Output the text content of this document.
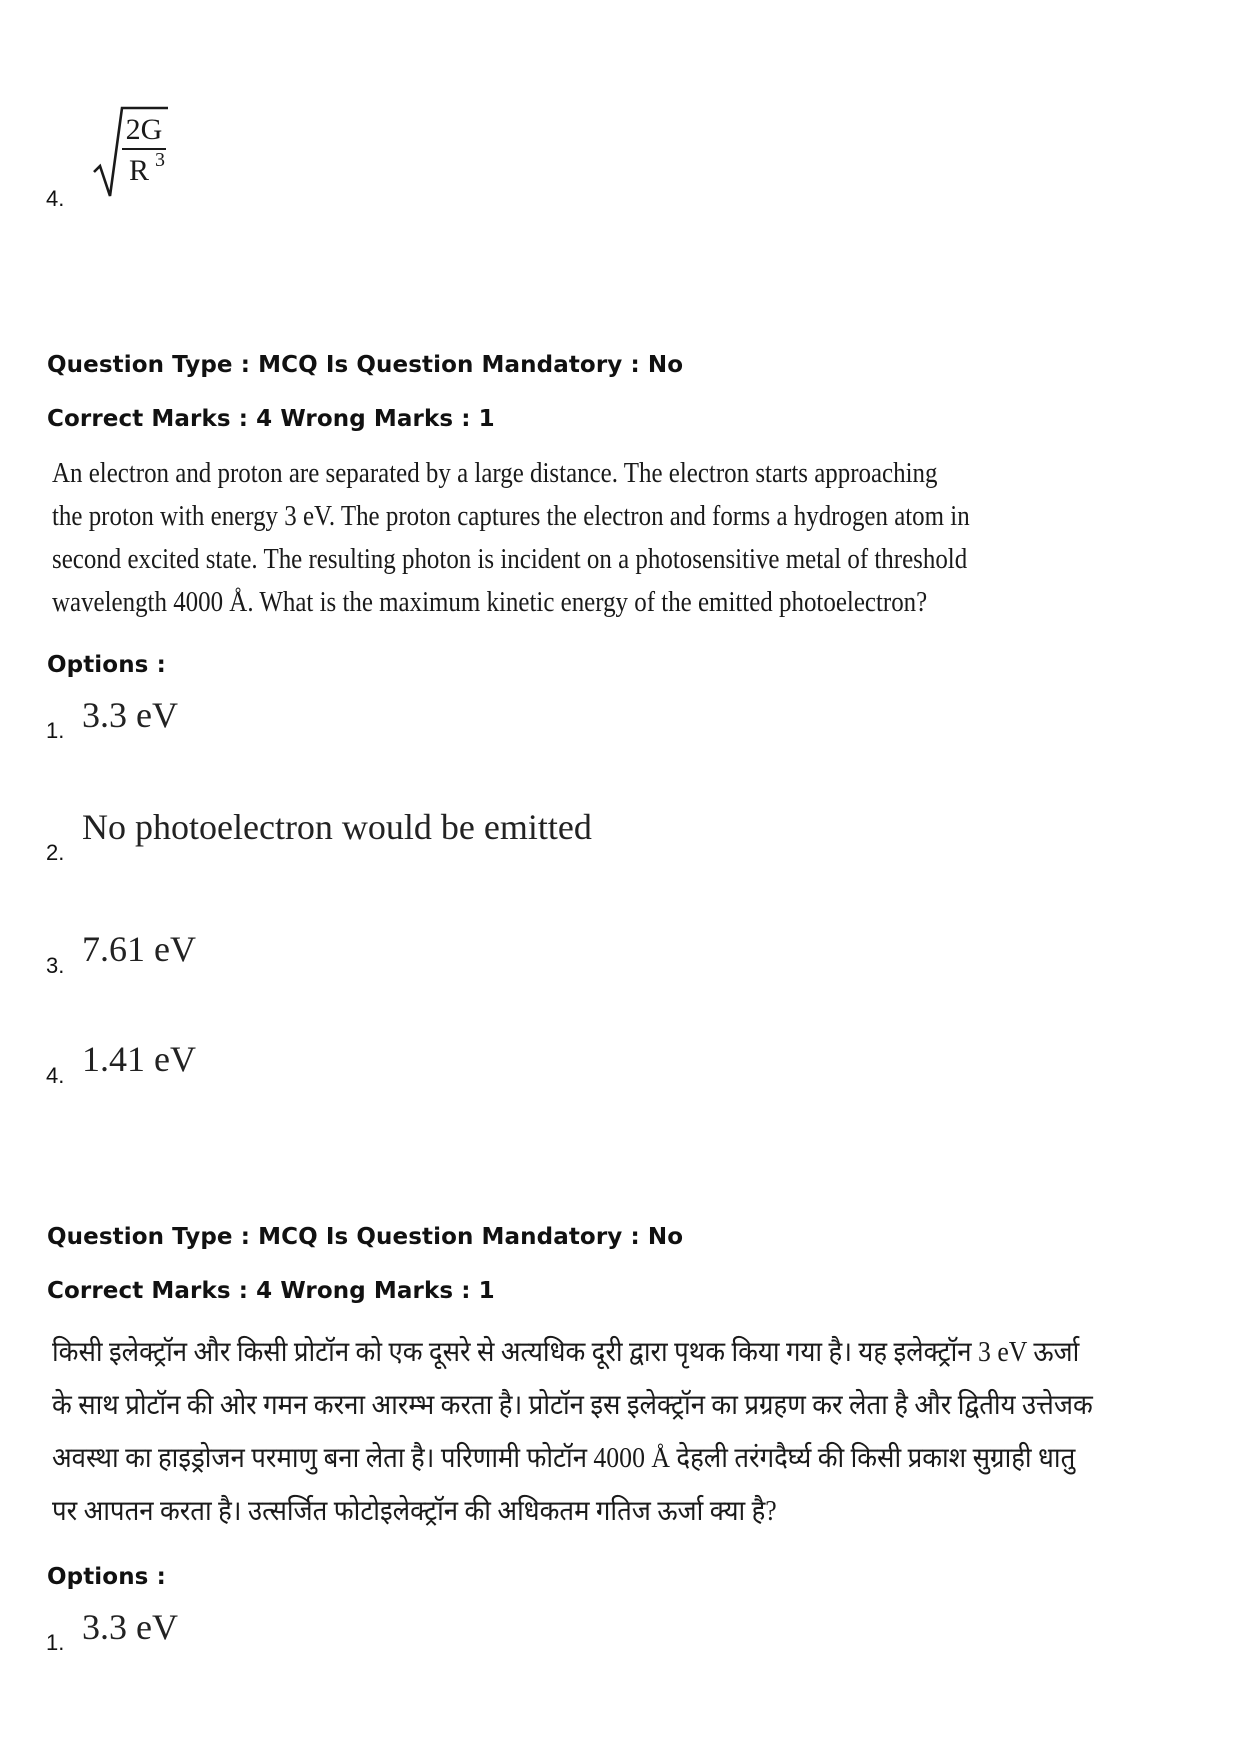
4.
2G
R 3
Question Type : MCQ Is Question Mandatory : No
Correct Marks : 4 Wrong Marks : 1
An electron and proton are separated by a large distance. The electron starts approaching
the proton with energy 3 eV. The proton captures the electron and forms a hydrogen atom in
second excited state. The resulting photon is incident on a photosensitive metal of threshold
wavelength 4000 Å. What is the maximum kinetic energy of the emitted photoelectron?
Options :
1. 3.3 eV
2.
No photoelectron would be emitted
3. 7.61 eV
4. 1.41 eV
Question Type : MCQ Is Question Mandatory : No
Correct Marks : 4 Wrong Marks : 1
किसी इलेक्ट्रॉन और किसी प्रोटॉन को एक दूसरे से अत्यधिक दूरी द्वारा पृथक किया गया है। यह इलेक्ट्रॉन 3 eV ऊर्जा
के साथ प्रोटॉन की ओर गमन करना आरम्भ करता है। प्रोटॉन इस इलेक्ट्रॉन का प्रग्रहण कर लेता है और द्वितीय उत्तेजक
अवस्था का हाइड्रोजन परमाणु बना लेता है। परिणामी फोटॉन 4000 Å देहली तरंगदैर्घ्य की किसी प्रकाश सुग्राही धातु
पर आपतन करता है। उत्सर्जित फोटोइलेक्ट्रॉन की अधिकतम गतिज ऊर्जा क्या है?
Options :
1. 3.3 eV
